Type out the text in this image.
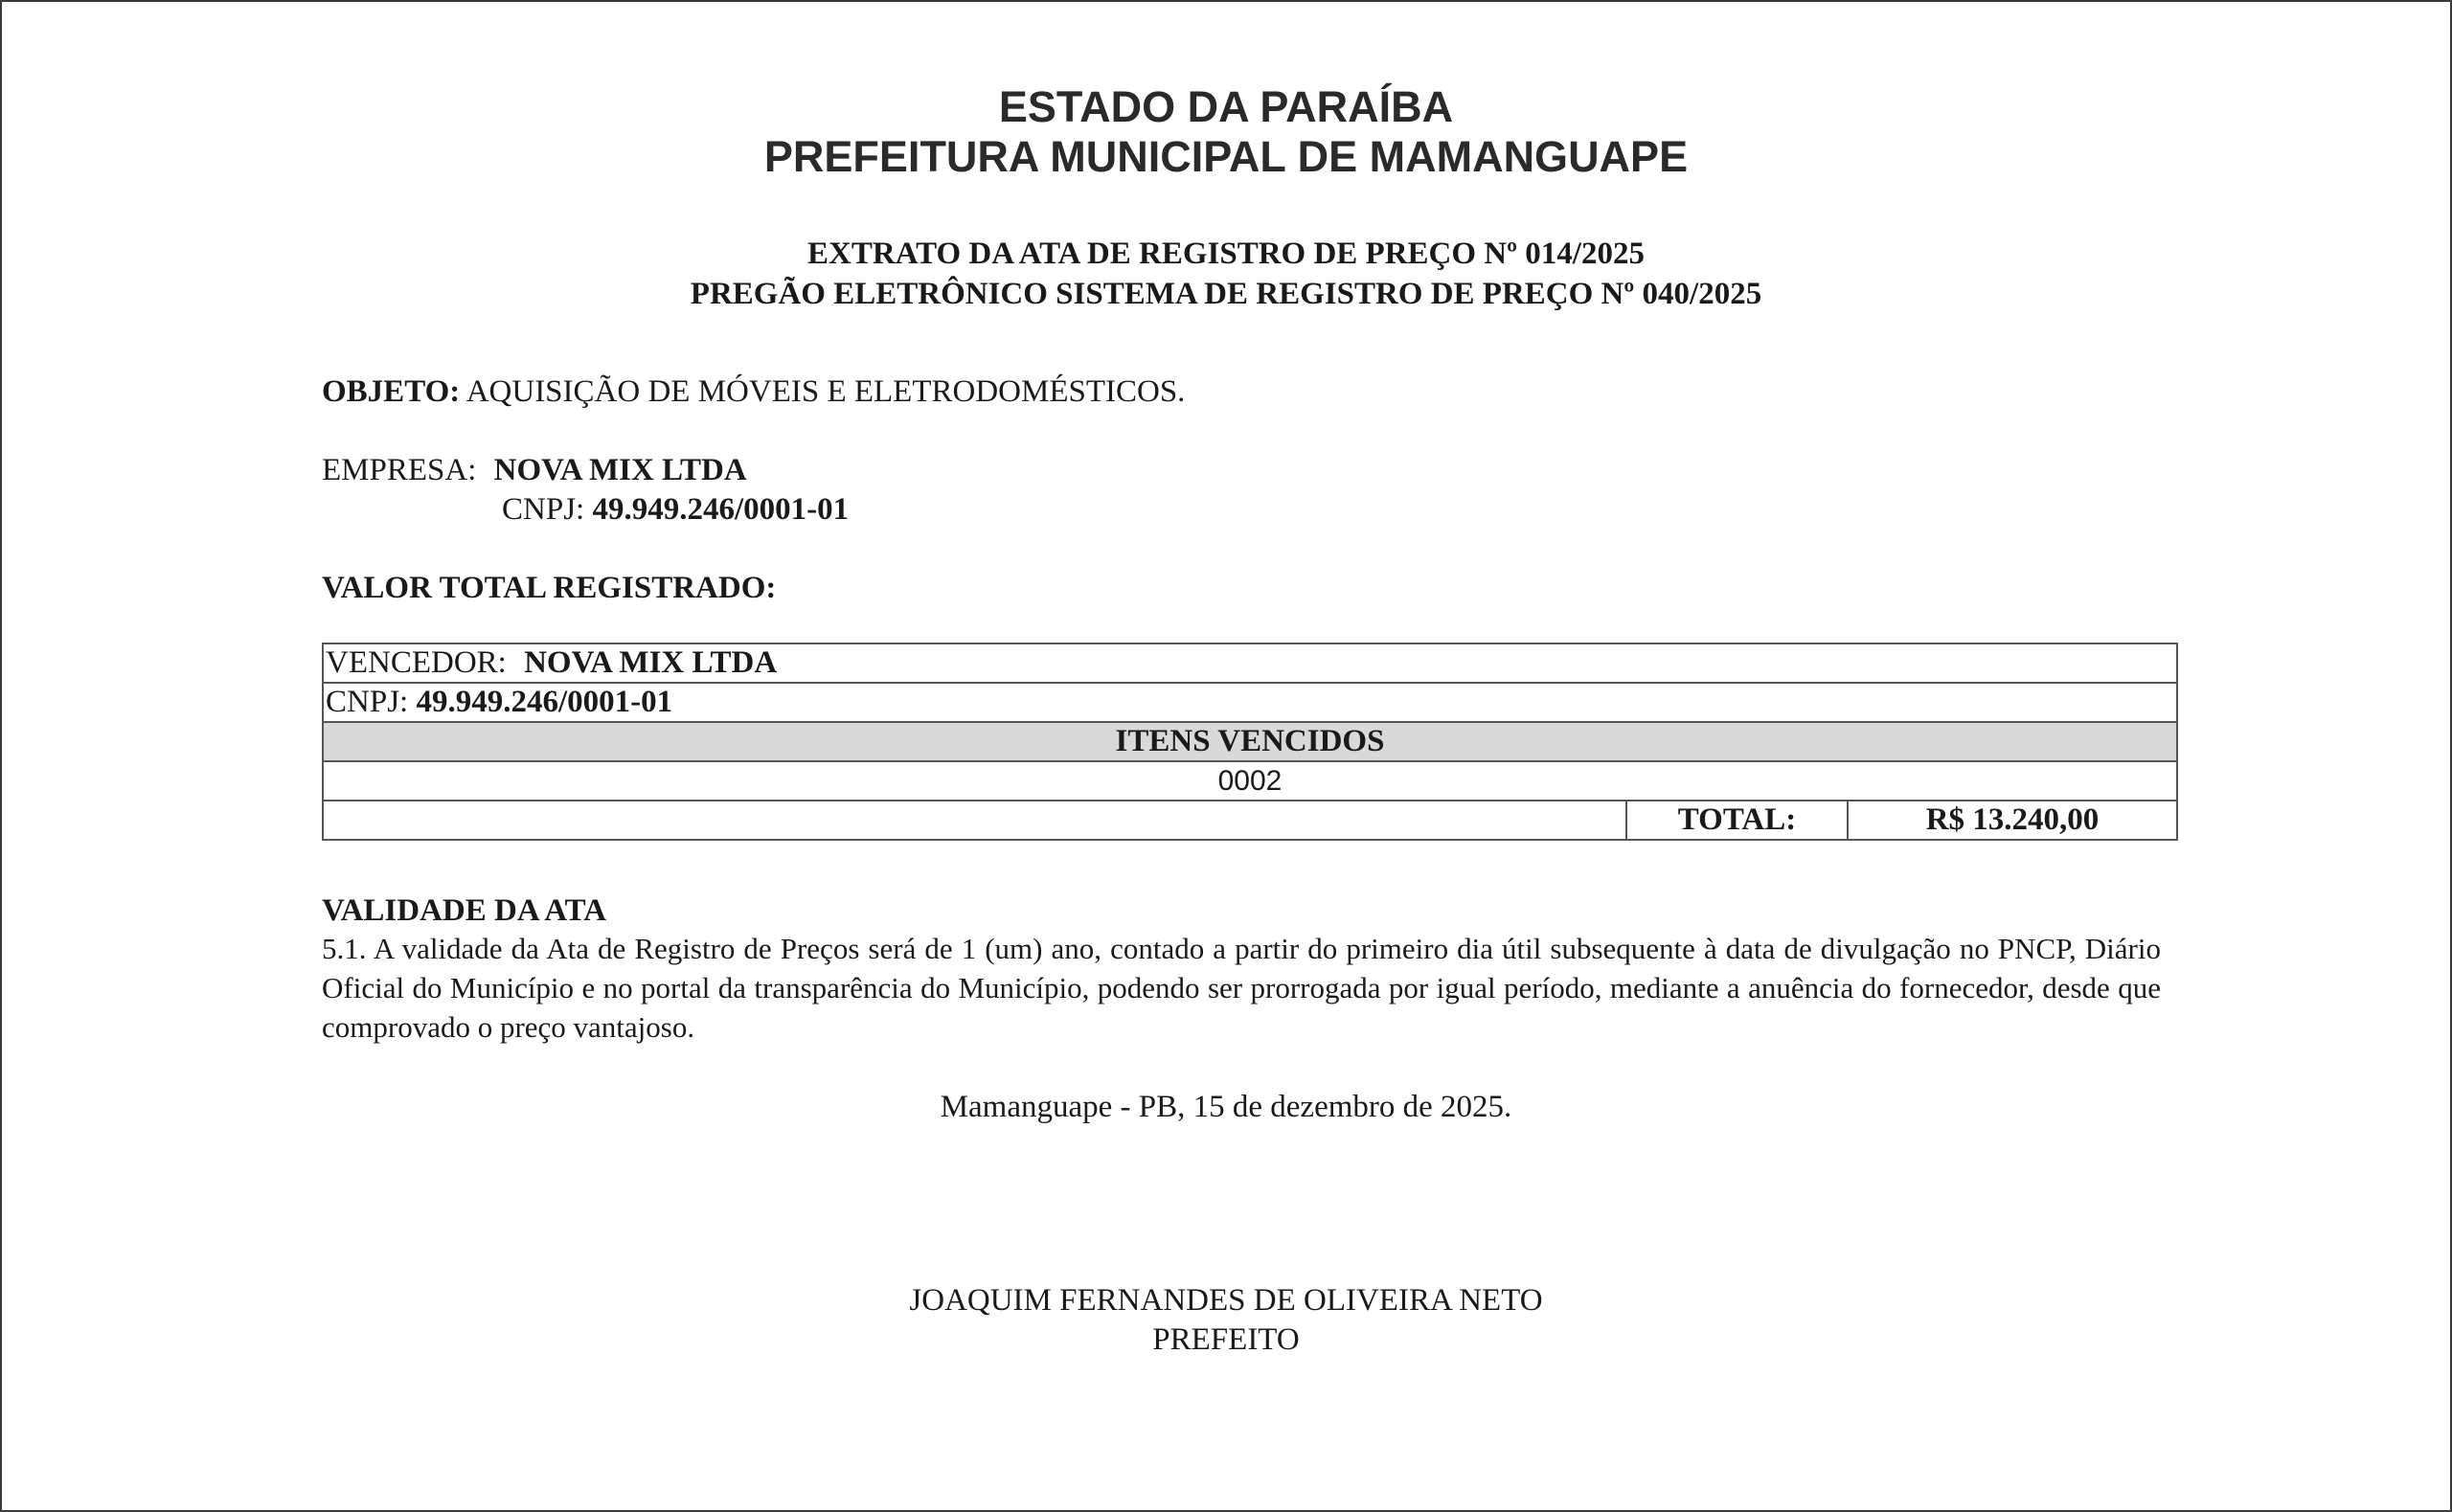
ESTADO DA PARAÍBA
PREFEITURA MUNICIPAL DE MAMANGUAPE
EXTRATO DA ATA DE REGISTRO DE PREÇO Nº 014/2025
PREGÃO ELETRÔNICO SISTEMA DE REGISTRO DE PREÇO Nº 040/2025
OBJETO: AQUISIÇÃO DE MÓVEIS E ELETRODOMÉSTICOS.
EMPRESA: NOVA MIX LTDA
CNPJ: 49.949.246/0001-01
VALOR TOTAL REGISTRADO:
VENCEDOR: NOVA MIX LTDA
CNPJ: 49.949.246/0001-01
ITENS VENCIDOS
0002
	TOTAL:	R$ 13.240,00
VALIDADE DA ATA
5.1. A validade da Ata de Registro de Preços será de 1 (um) ano, contado a partir do primeiro dia útil subsequente à data de divulgação no PNCP, Diário Oficial do Município e no portal da transparência do Município, podendo ser prorrogada por igual período, mediante a anuência do fornecedor, desde que comprovado o preço vantajoso.
Mamanguape - PB, 15 de dezembro de 2025.
JOAQUIM FERNANDES DE OLIVEIRA NETO
PREFEITO
